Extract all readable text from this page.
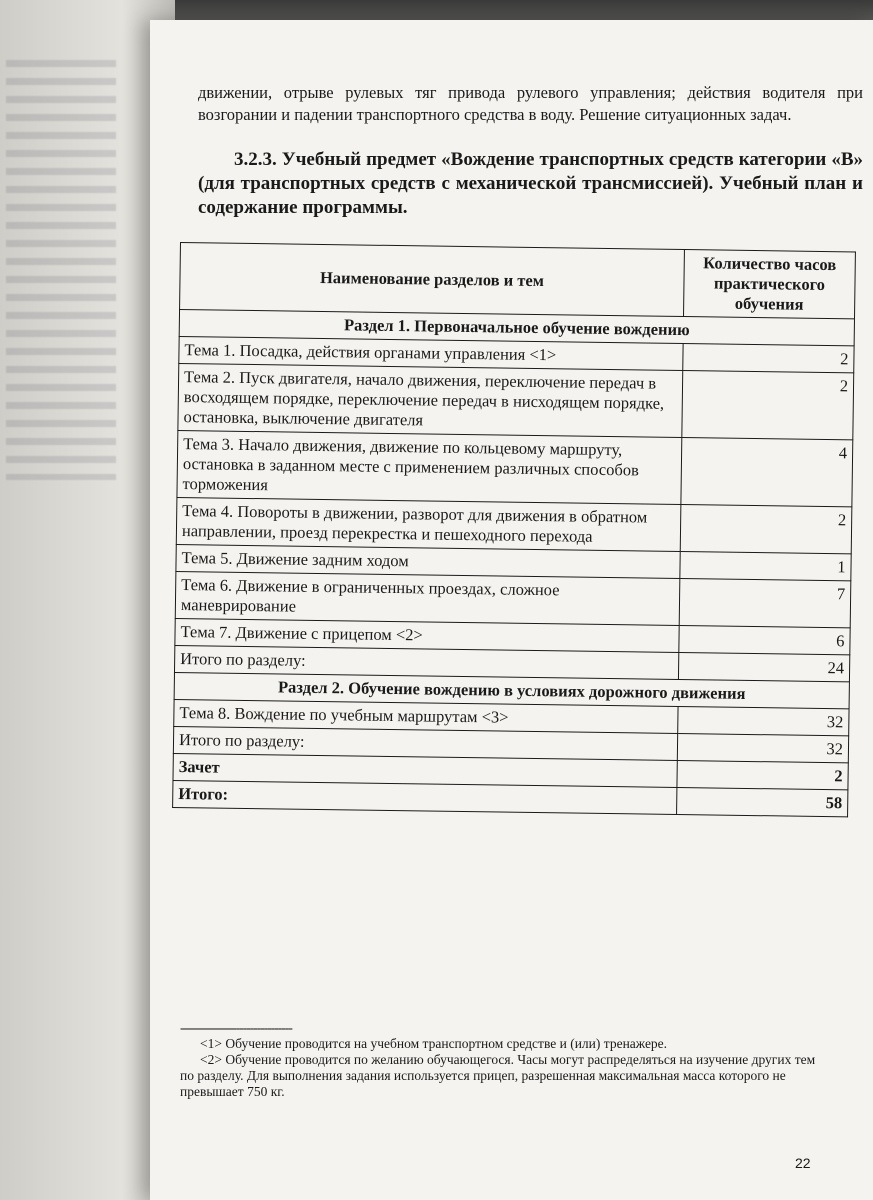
движении, отрыве рулевых тяг привода рулевого управления; действия водителя при возгорании и падении транспортного средства в воду. Решение ситуационных задач.
3.2.3. Учебный предмет «Вождение транспортных средств категории «В» (для транспортных средств с механической трансмиссией). Учебный план и содержание программы.
Наименование разделов и тем	Количество часов практического обучения
Раздел 1. Первоначальное обучение вождению	
Тема 1. Посадка, действия органами управления <1>	2
Тема 2. Пуск двигателя, начало движения, переключение передач в восходящем порядке, переключение передач в нисходящем порядке, остановка, выключение двигателя	2
Тема 3. Начало движения, движение по кольцевому маршруту, остановка в заданном месте с применением различных способов торможения	4
Тема 4. Повороты в движении, разворот для движения в обратном направлении, проезд перекрестка и пешеходного перехода	2
Тема 5. Движение задним ходом	1
Тема 6. Движение в ограниченных проездах, сложное маневрирование	7
Тема 7. Движение с прицепом <2>	6
Итого по разделу:	24
Раздел 2. Обучение вождению в условиях дорожного движения	
Тема 8. Вождение по учебным маршрутам <3>	32
Итого по разделу:	32
Зачет	2
Итого:	58
--------------------------------
<1> Обучение проводится на учебном транспортном средстве и (или) тренажере.
<2> Обучение проводится по желанию обучающегося. Часы могут распределяться на изучение других тем
по разделу. Для выполнения задания используется прицеп, разрешенная максимальная масса которого не превышает 750 кг.
22
